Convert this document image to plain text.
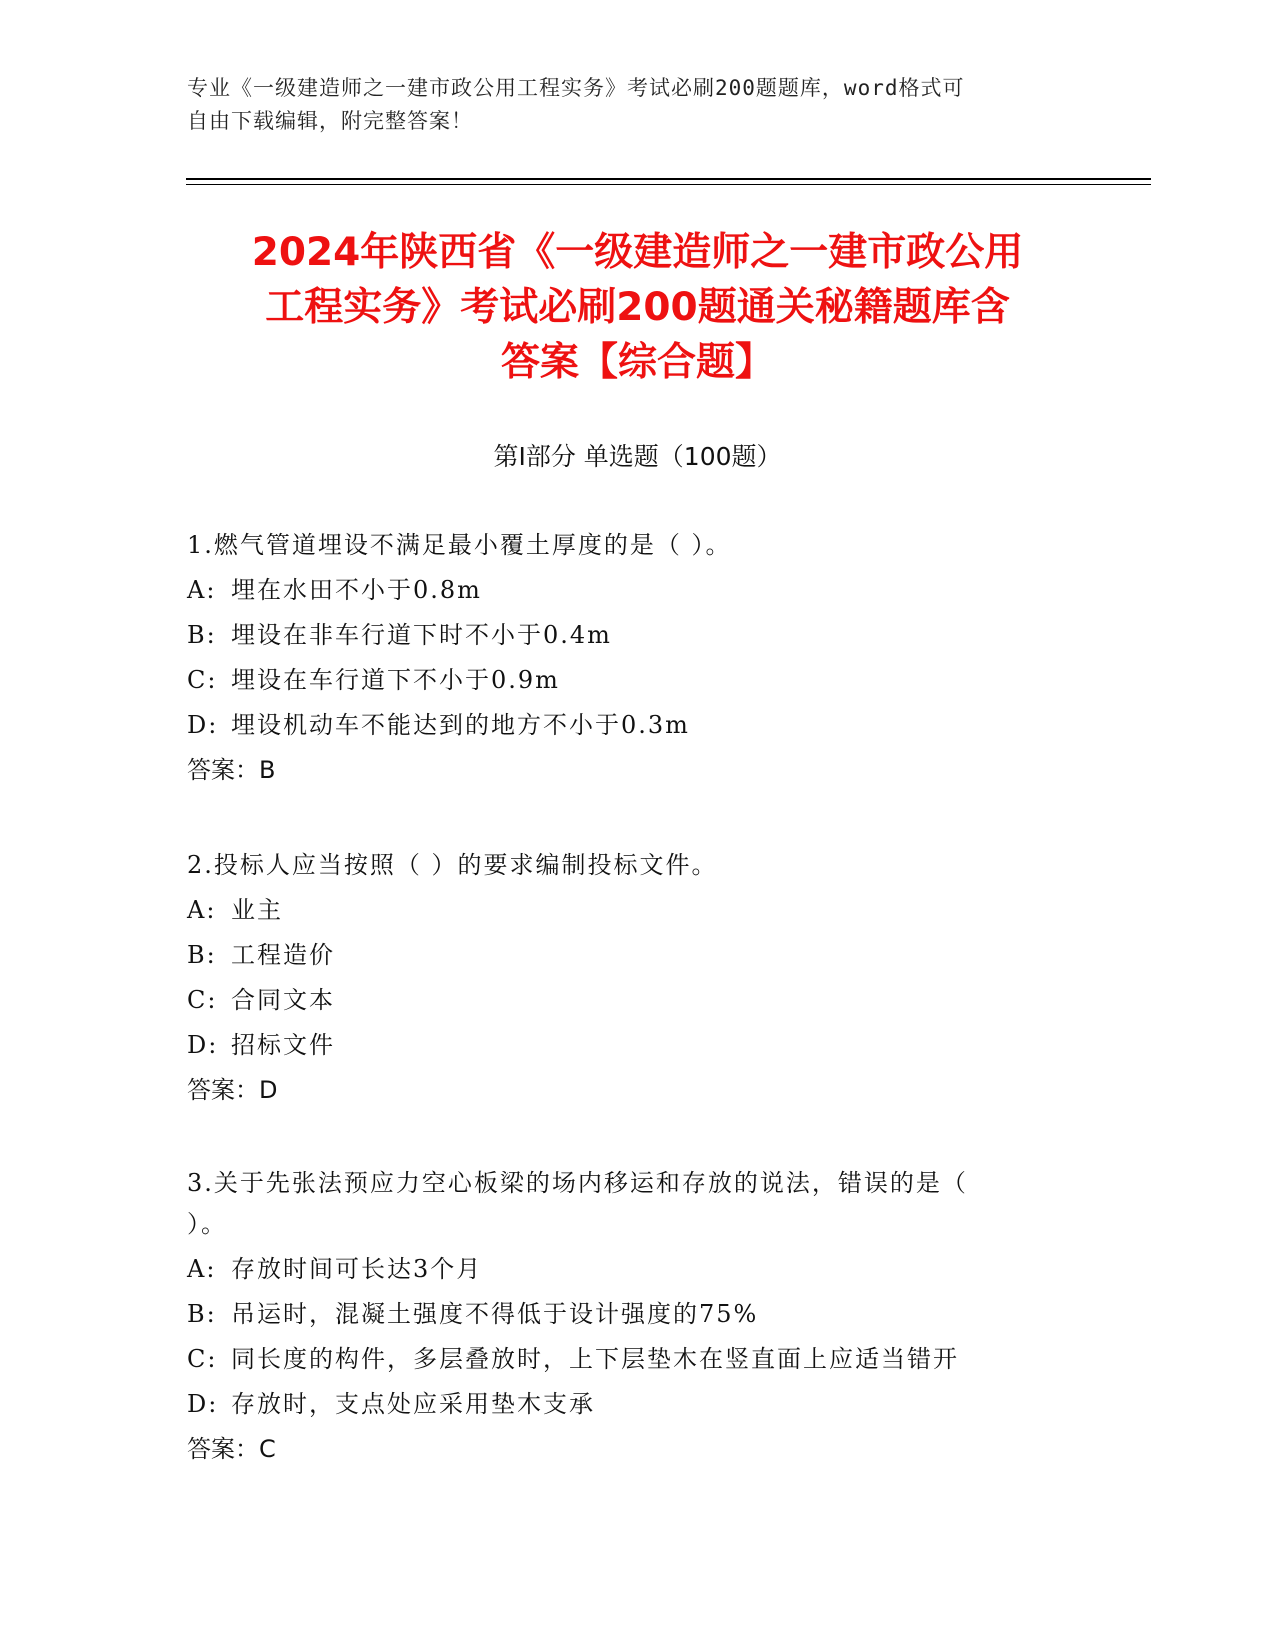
专业《一级建造师之一建市政公用工程实务》考试必刷200题题库，word格式可
自由下载编辑，附完整答案！
2024年陕西省《一级建造师之一建市政公用
工程实务》考试必刷200题通关秘籍题库含
答案【综合题】
第I部分 单选题（100题）
1.燃气管道埋设不满足最小覆土厚度的是（ ）。
A: 埋在水田不小于0.8m
B: 埋设在非车行道下时不小于0.4m
C: 埋设在车行道下不小于0.9m
D: 埋设机动车不能达到的地方不小于0.3m
答案：B
2.投标人应当按照（ ）的要求编制投标文件。
A: 业主
B: 工程造价
C: 合同文本
D: 招标文件
答案：D
3.关于先张法预应力空心板梁的场内移运和存放的说法，错误的是（
）。
A: 存放时间可长达3个月
B: 吊运时，混凝土强度不得低于设计强度的75%
C: 同长度的构件，多层叠放时，上下层垫木在竖直面上应适当错开
D: 存放时，支点处应采用垫木支承
答案：C
